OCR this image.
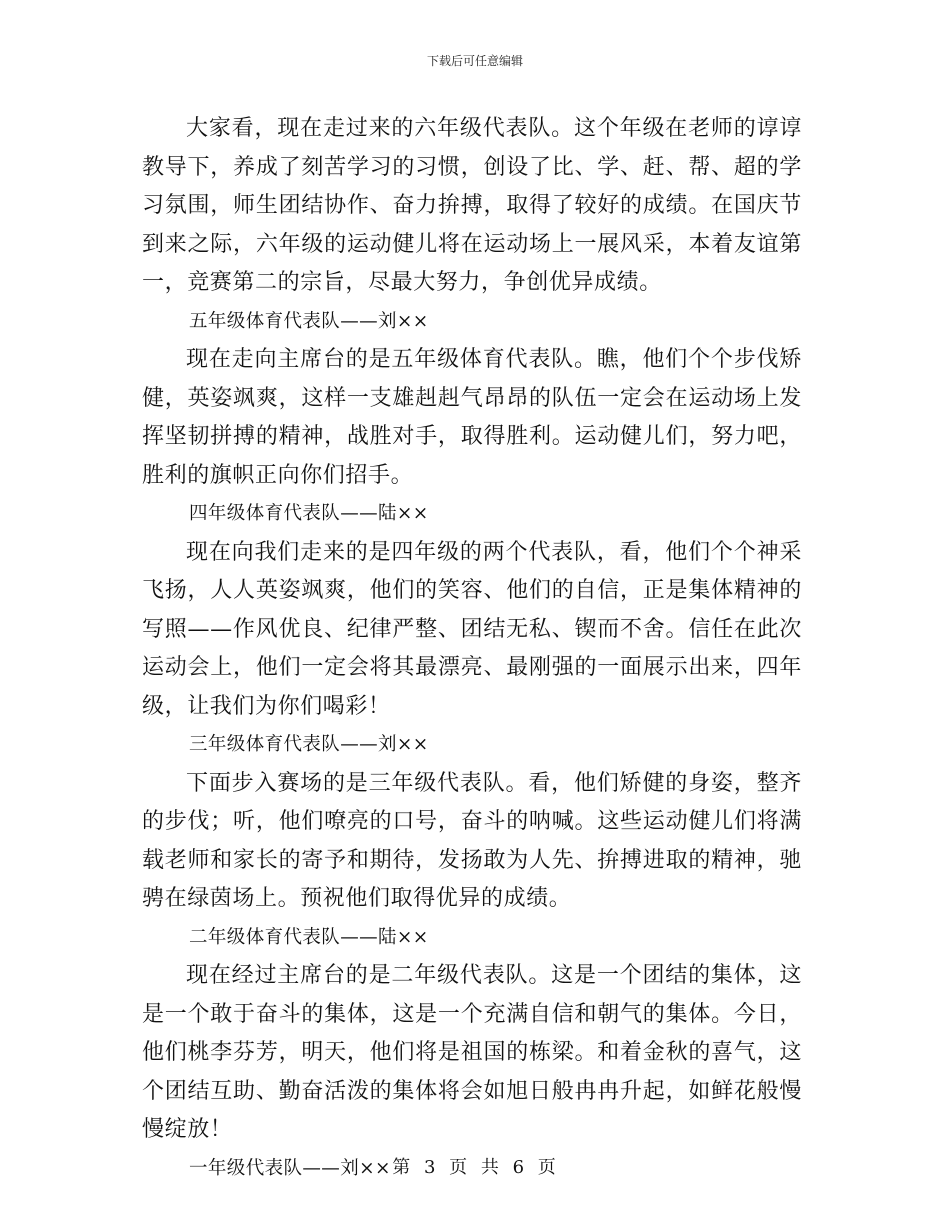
下载后可任意编辑

大家看，现在走过来的六年级代表队。这个年级在老师的谆谆教导下，养成了刻苦学习的习惯，创设了比、学、赶、帮、超的学习氛围，师生团结协作、奋力拚搏，取得了较好的成绩。在国庆节到来之际，六年级的运动健儿将在运动场上一展风采，本着友谊第一，竞赛第二的宗旨，尽最大努力，争创优异成绩。

五年级体育代表队——刘××

现在走向主席台的是五年级体育代表队。瞧，他们个个步伐矫健，英姿飒爽，这样一支雄赳赳气昂昂的队伍一定会在运动场上发挥坚韧拼搏的精神，战胜对手，取得胜利。运动健儿们，努力吧，胜利的旗帜正向你们招手。

四年级体育代表队——陆××

现在向我们走来的是四年级的两个代表队，看，他们个个神采飞扬，人人英姿飒爽，他们的笑容、他们的自信，正是集体精神的写照——作风优良、纪律严整、团结无私、锲而不舍。信任在此次运动会上，他们一定会将其最漂亮、最刚强的一面展示出来，四年级，让我们为你们喝彩！

三年级体育代表队——刘××

下面步入赛场的是三年级代表队。看，他们矫健的身姿，整齐的步伐；听，他们嘹亮的口号，奋斗的呐喊。这些运动健儿们将满载老师和家长的寄予和期待，发扬敢为人先、拚搏进取的精神，驰骋在绿茵场上。预祝他们取得优异的成绩。

二年级体育代表队——陆××

现在经过主席台的是二年级代表队。这是一个团结的集体，这是一个敢于奋斗的集体，这是一个充满自信和朝气的集体。今日，他们桃李芬芳，明天，他们将是祖国的栋梁。和着金秋的喜气，这个团结互助、勤奋活泼的集体将会如旭日般冉冉升起，如鲜花般慢慢绽放！

一年级代表队——刘×× 第 3 页 共 6 页
